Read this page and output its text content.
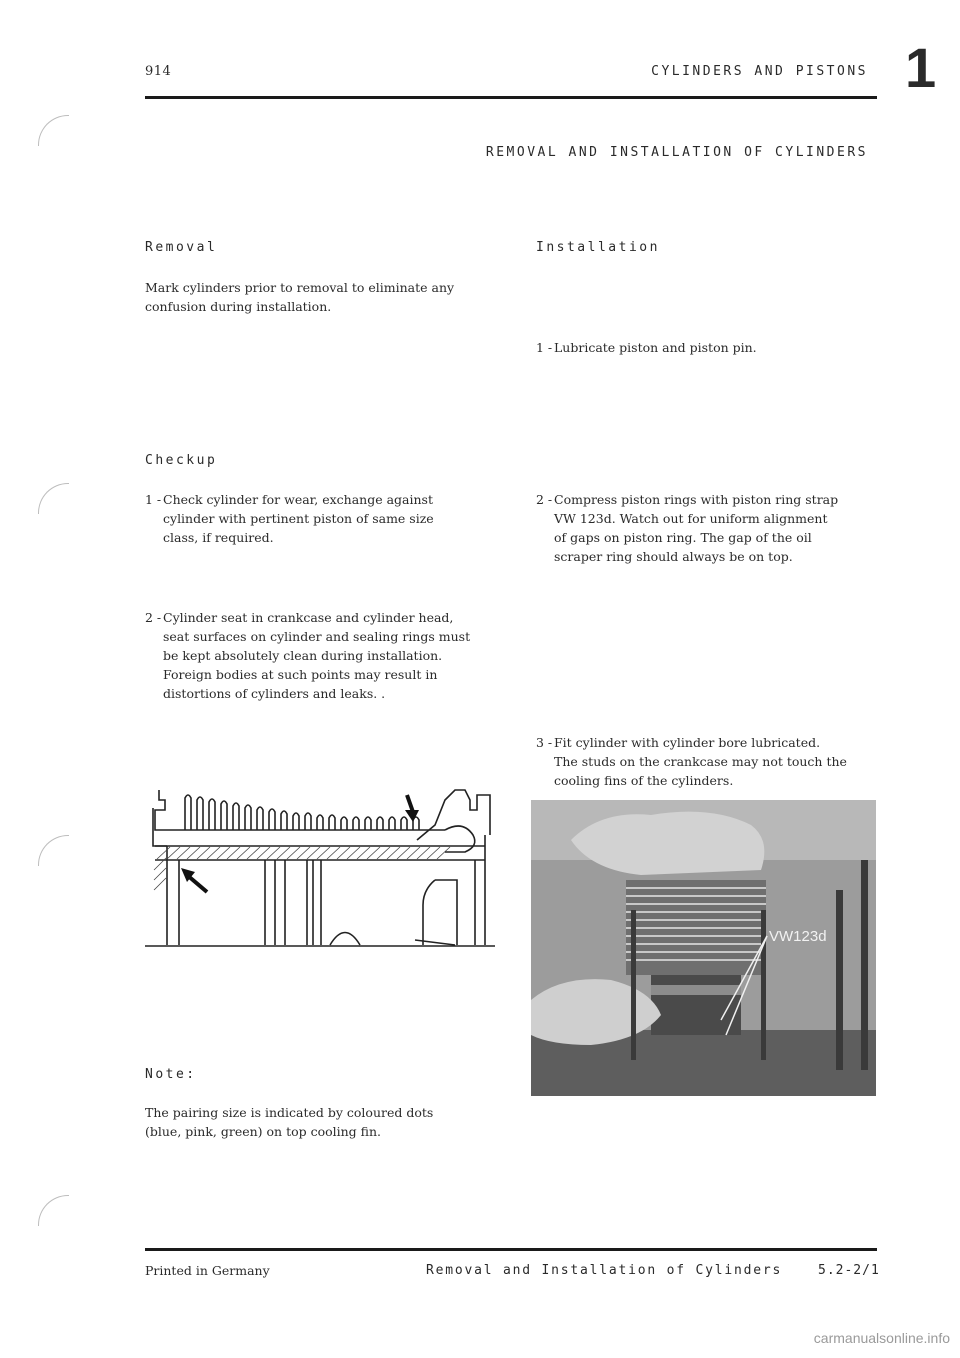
914	CYLINDERS AND PISTONS 1
REMOVAL AND INSTALLATION OF CYLINDERS
Removal
Mark cylinders prior to removal to eliminate any
confusion during installation.
Checkup
1 - Check cylinder for wear, exchange against
cylinder with pertinent piston of same size
class, if required.
2 - Cylinder seat in crankcase and cylinder head,
seat surfaces on cylinder and sealing rings must
be kept absolutely clean during installation.
Foreign bodies at such points may result in
distortions of cylinders and leaks. .
Note:
The pairing size is indicated by coloured dots
(blue, pink, green) on top cooling fin.
Installation
1 - Lubricate piston and piston pin.
2 - Compress piston rings with piston ring strap
VW 123d. Watch out for uniform alignment
of gaps on piston ring. The gap of the oil
scraper ring should always be on top.
3 - Fit cylinder with cylinder bore lubricated.
The studs on the crankcase may not touch the
cooling fins of the cylinders.
VW123d
Printed in Germany	Removal and Installation of Cylinders	5.2-2/1
carmanualsonline.info
